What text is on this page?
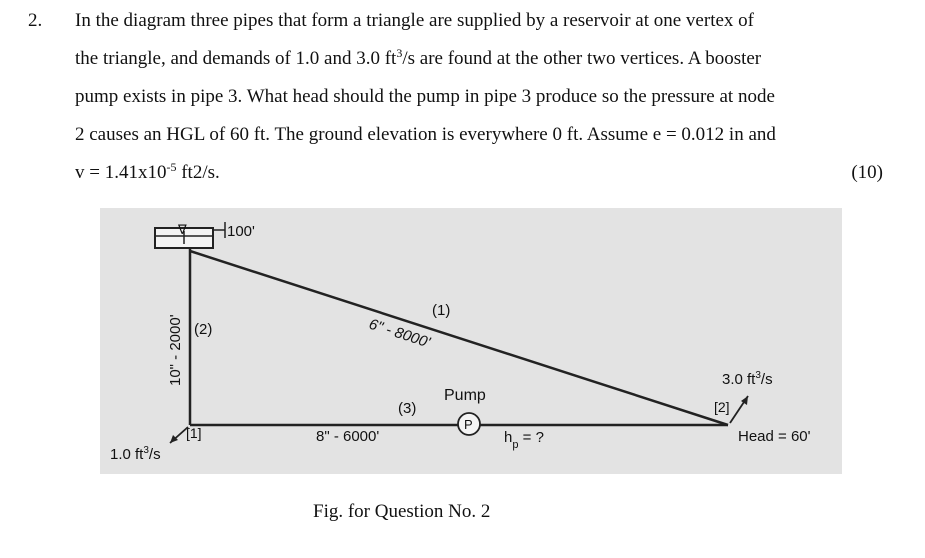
2. In the diagram three pipes that form a triangle are supplied by a reservoir at one vertex of
the triangle, and demands of 1.0 and 3.0 $ft^3/s$ are found at the other two vertices. A booster
pump exists in pipe 3. What head should the pump in pipe 3 produce so the pressure at node
2 causes an HGL of 60 ft. The ground elevation is everywhere 0 ft. Assume e = 0.012 in and
$v = 1.41x10^{-5}$ ft2/s.	(10)
∇	100'
(1)
6" - 8000'
(2)
10" - 2000'
(3)
8" - 6000'
Pump
P
$h_p$ = ?
[1]
1.0 $ft^3/s$
[2]
3.0 $ft^3/s$
Head = 60'
Fig. for Question No. 2
